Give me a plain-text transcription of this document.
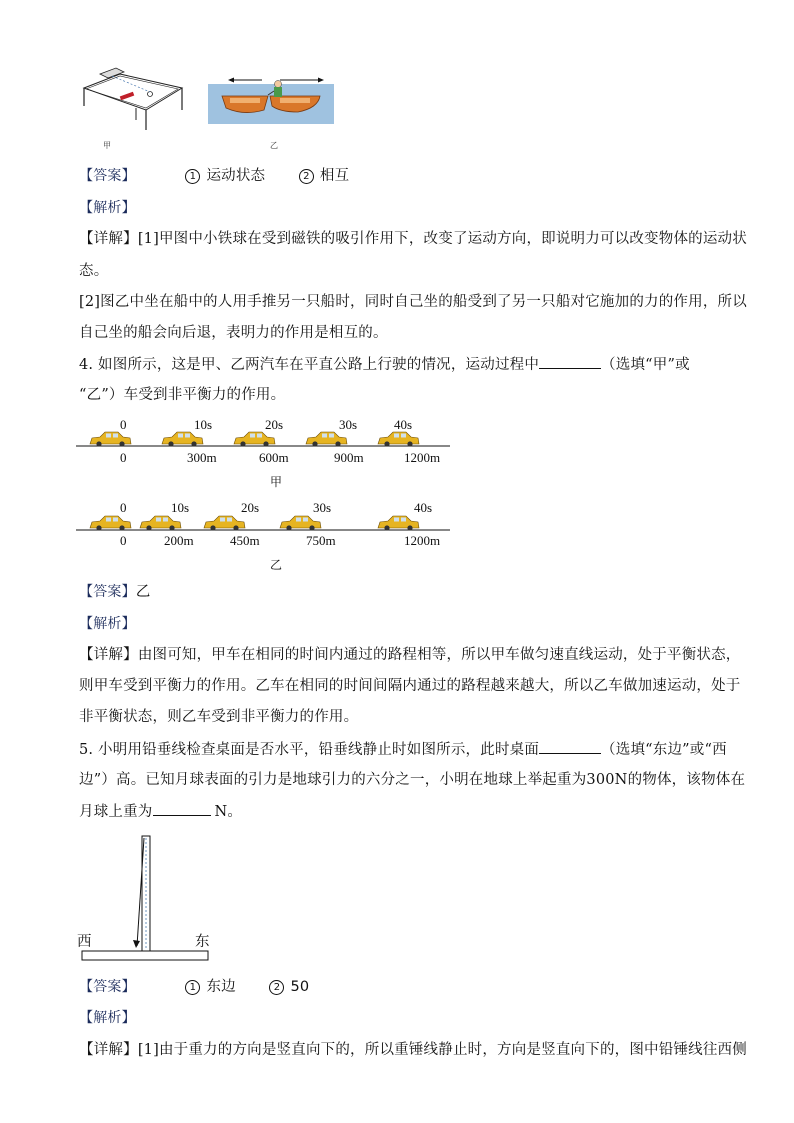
甲	乙
【答案】	1 运动状态	2 相互
【解析】
【详解】[1]甲图中小铁球在受到磁铁的吸引作用下，改变了运动方向，即说明力可以改变物体的运动状
态。
[2]图乙中坐在船中的人用手推另一只船时，同时自己坐的船受到了另一只船对它施加的力的作用，所以
自己坐的船会向后退，表明力的作用是相互的。
4. 如图所示，这是甲、乙两汽车在平直公路上行驶的情况，运动过程中	（选填“甲”或
“乙”）车受到非平衡力的作用。
0	10s	20s	30s	40s
0	300m	600m	900m	1200m
甲
0	10s	20s	30s	40s
0	200m	450m	750m	1200m
乙
【答案】乙
【解析】
【详解】由图可知，甲车在相同的时间内通过的路程相等，所以甲车做匀速直线运动，处于平衡状态，
则甲车受到平衡力的作用。乙车在相同的时间间隔内通过的路程越来越大，所以乙车做加速运动，处于
非平衡状态，则乙车受到非平衡力的作用。
5. 小明用铅垂线检查桌面是否水平，铅垂线静止时如图所示，此时桌面	（选填“东边”或“西
边”）高。已知月球表面的引力是地球引力的六分之一，小明在地球上举起重为300N的物体，该物体在
月球上重为	N。
西	东
【答案】	1 东边	2 50
【解析】
【详解】[1]由于重力的方向是竖直向下的，所以重锤线静止时，方向是竖直向下的，图中铅锤线往西侧
